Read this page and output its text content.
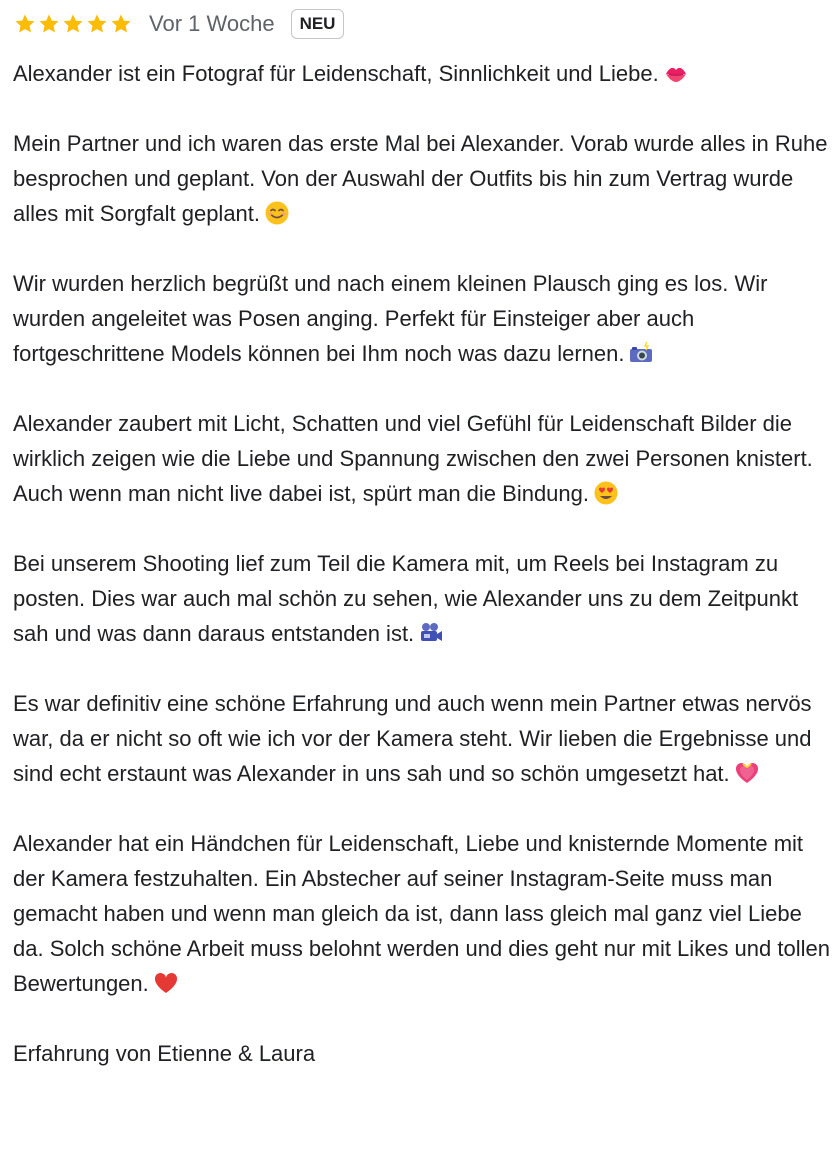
Vor 1 Woche	NEU

Alexander ist ein Fotograf für Leidenschaft, Sinnlichkeit und Liebe.

Mein Partner und ich waren das erste Mal bei Alexander. Vorab wurde alles in Ruhe besprochen und geplant. Von der Auswahl der Outfits bis hin zum Vertrag wurde alles mit Sorgfalt geplant.

Wir wurden herzlich begrüßt und nach einem kleinen Plausch ging es los. Wir wurden angeleitet was Posen anging. Perfekt für Einsteiger aber auch fortgeschrittene Models können bei Ihm noch was dazu lernen.

Alexander zaubert mit Licht, Schatten und viel Gefühl für Leidenschaft Bilder die wirklich zeigen wie die Liebe und Spannung zwischen den zwei Personen knistert. Auch wenn man nicht live dabei ist, spürt man die Bindung.

Bei unserem Shooting lief zum Teil die Kamera mit, um Reels bei Instagram zu posten. Dies war auch mal schön zu sehen, wie Alexander uns zu dem Zeitpunkt sah und was dann daraus entstanden ist.

Es war definitiv eine schöne Erfahrung und auch wenn mein Partner etwas nervös war, da er nicht so oft wie ich vor der Kamera steht. Wir lieben die Ergebnisse und sind echt erstaunt was Alexander in uns sah und so schön umgesetzt hat.

Alexander hat ein Händchen für Leidenschaft, Liebe und knisternde Momente mit der Kamera festzuhalten. Ein Abstecher auf seiner Instagram-Seite muss man gemacht haben und wenn man gleich da ist, dann lass gleich mal ganz viel Liebe da. Solch schöne Arbeit muss belohnt werden und dies geht nur mit Likes und tollen Bewertungen.

Erfahrung von Etienne & Laura
